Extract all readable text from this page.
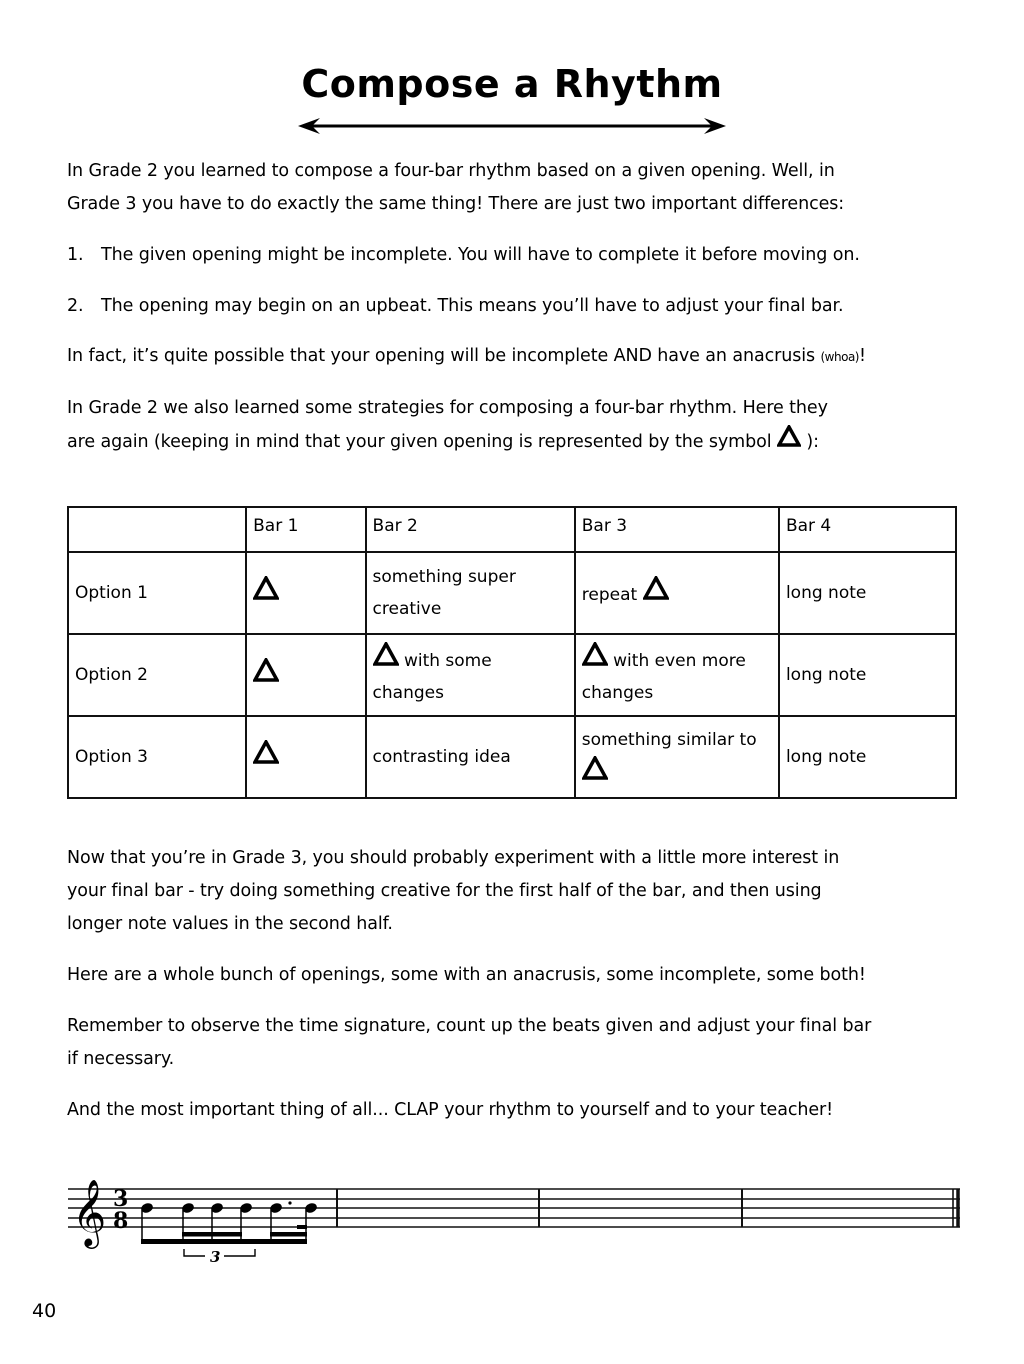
Compose a Rhythm
In Grade 2 you learned to compose a four-bar rhythm based on a given opening. Well, in
Grade 3 you have to do exactly the same thing! There are just two important differences:
1. The given opening might be incomplete. You will have to complete it before moving on.
2. The opening may begin on an upbeat. This means you’ll have to adjust your final bar.
In fact, it’s quite possible that your opening will be incomplete AND have an anacrusis (whoa)!
In Grade 2 we also learned some strategies for composing a four-bar rhythm. Here they
are again (keeping in mind that your given opening is represented by the symbol
):
	Bar 1	Bar 2	Bar 3	Bar 4
Option 1		something super creative	repeat	long note
Option 2		with some changes	with even more changes	long note
Option 3		contrasting idea	something similar to	long note
Now that you’re in Grade 3, you should probably experiment with a little more interest in
your final bar - try doing something creative for the first half of the bar, and then using
longer note values in the second half.
Here are a whole bunch of openings, some with an anacrusis, some incomplete, some both!
Remember to observe the time signature, count up the beats given and adjust your final bar
if necessary.
And the most important thing of all... CLAP your rhythm to yourself and to your teacher!
𝄞 3
8
3
40
